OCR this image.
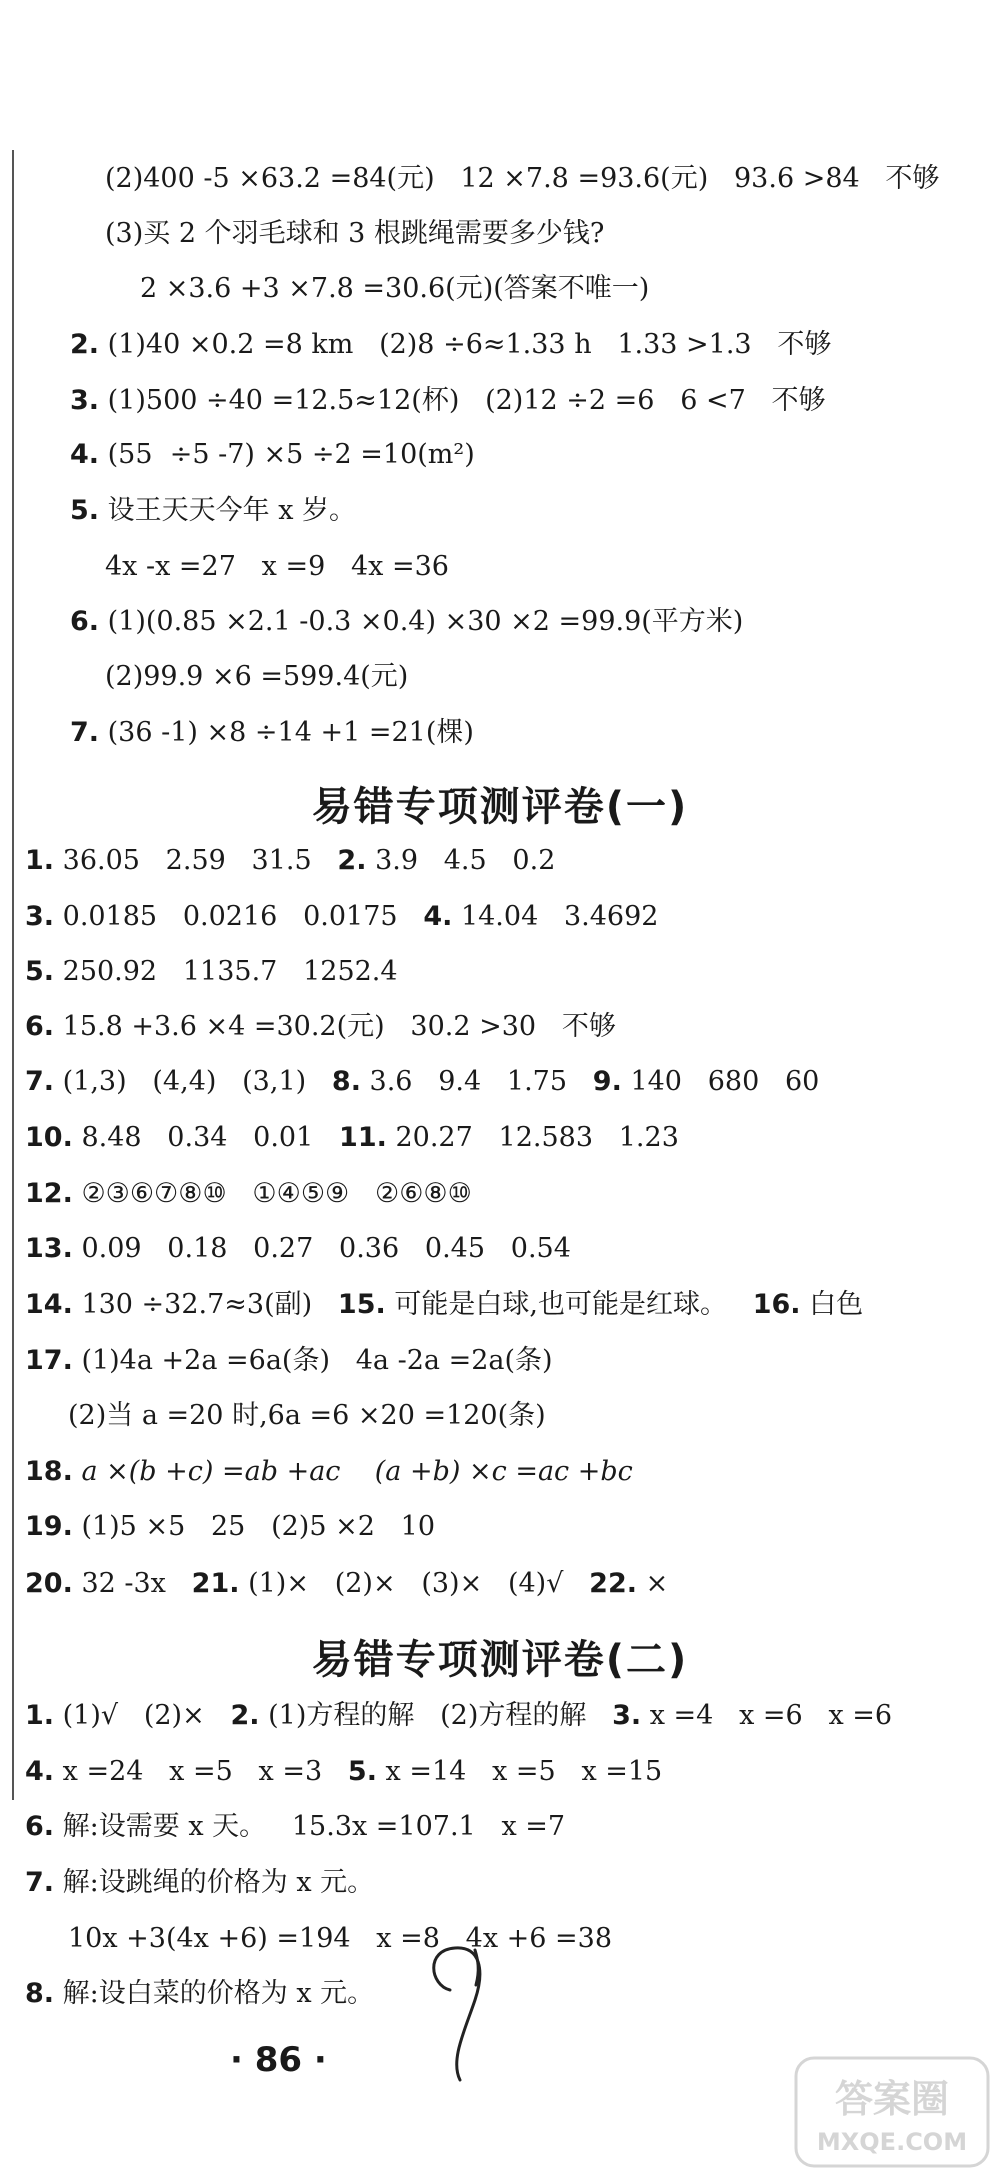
(2)400 -5 ×63.2 =84(元)   12 ×7.8 =93.6(元)   93.6 >84   不够
(3)买 2 个羽毛球和 3 根跳绳需要多少钱?
2 ×3.6 +3 ×7.8 =30.6(元)(答案不唯一)
2. (1)40 ×0.2 =8 km   (2)8 ÷6≈1.33 h   1.33 >1.3   不够
3. (1)500 ÷40 =12.5≈12(杯)   (2)12 ÷2 =6   6 <7   不够
4. (55  ÷5 -7) ×5 ÷2 =10(m²)
5. 设王天天今年 x 岁。
4x -x =27   x =9   4x =36
6. (1)(0.85 ×2.1 -0.3 ×0.4) ×30 ×2 =99.9(平方米)
(2)99.9 ×6 =599.4(元)
7. (36 -1) ×8 ÷14 +1 =21(棵)
易错专项测评卷(一)
1. 36.05   2.59   31.5 2. 3.9   4.5   0.2
3. 0.0185   0.0216   0.0175 4. 14.04   3.4692
5. 250.92   1135.7   1252.4
6. 15.8 +3.6 ×4 =30.2(元)   30.2 >30   不够
7. (1,3)   (4,4)   (3,1) 8. 3.6   9.4   1.75 9. 140   680   60
10. 8.48   0.34   0.01 11. 20.27   12.583   1.23
12. ②③⑥⑦⑧⑩   ①④⑤⑨   ②⑥⑧⑩
13. 0.09   0.18   0.27   0.36   0.45   0.54
14. 130 ÷32.7≈3(副) 15. 可能是白球,也可能是红球。 16. 白色
17. (1)4a +2a =6a(条)   4a -2a =2a(条)
(2)当 a =20 时,6a =6 ×20 =120(条)
18. a ×(b +c) =ab +ac    (a +b) ×c =ac +bc
19. (1)5 ×5   25   (2)5 ×2   10
20. 32 -3x 21. (1)×   (2)×   (3)×   (4)√ 22. ×
易错专项测评卷(二)
1. (1)√   (2)× 2. (1)方程的解   (2)方程的解 3. x =4   x =6   x =6
4. x =24   x =5   x =3 5. x =14   x =5   x =15
6. 解:设需要 x 天。   15.3x =107.1   x =7
7. 解:设跳绳的价格为 x 元。
10x +3(4x +6) =194   x =8   4x +6 =38
8. 解:设白菜的价格为 x 元。
· 86 ·
答案圈
MXQE.COM
